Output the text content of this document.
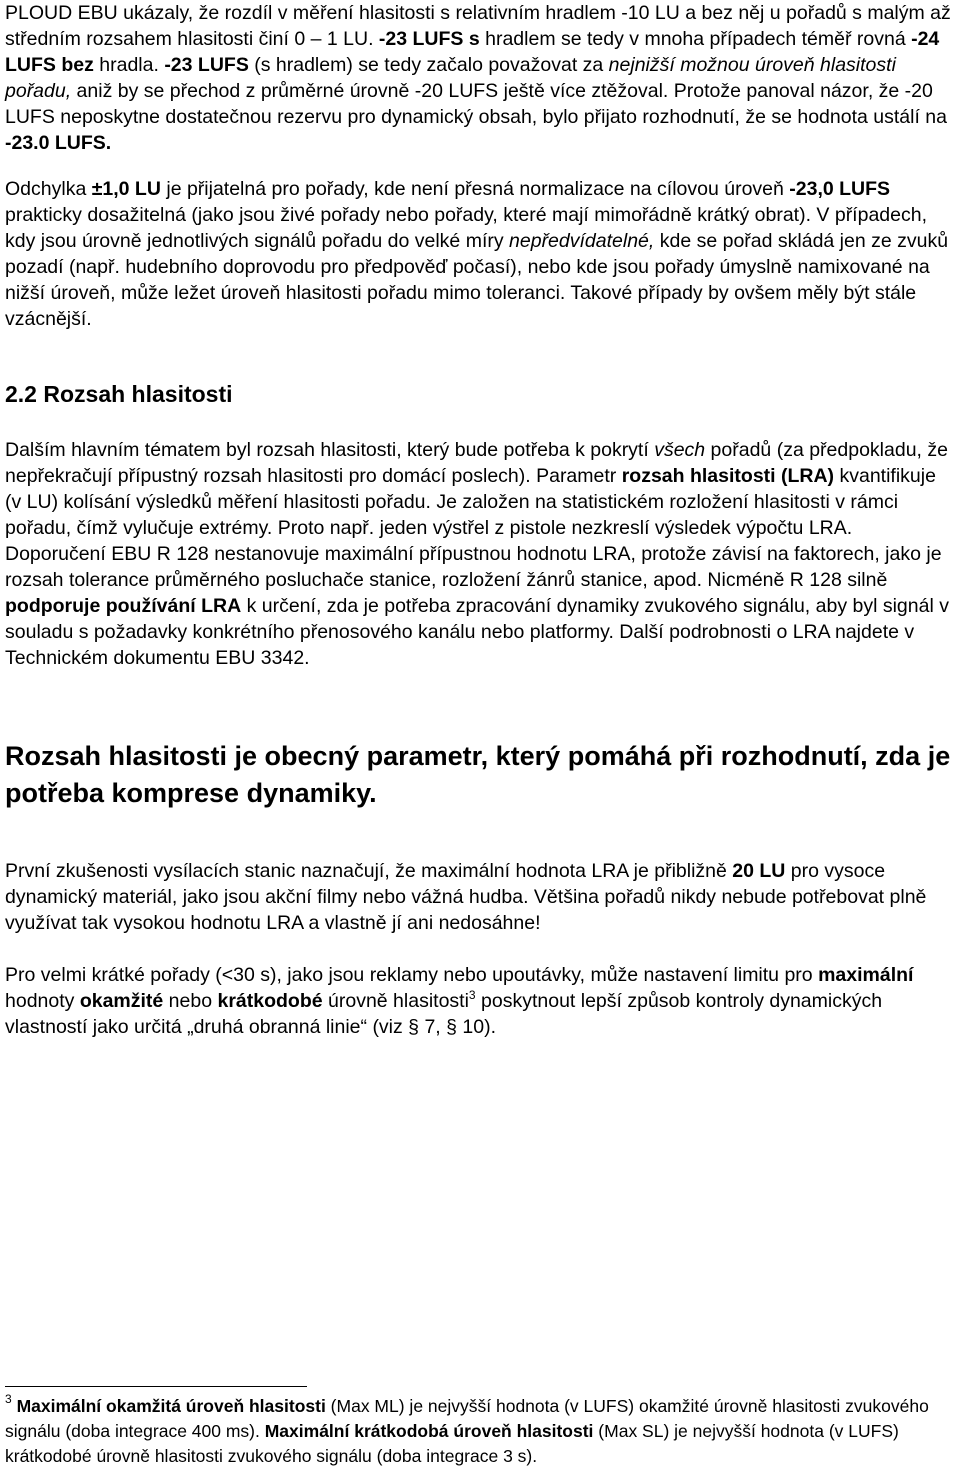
PLOUD EBU ukázaly, že rozdíl v měření hlasitosti s relativním hradlem -10 LU a bez něj u pořadů s malým až středním rozsahem hlasitosti činí 0 – 1 LU. -23 LUFS s hradlem se tedy v mnoha případech téměř rovná -24 LUFS bez hradla. -23 LUFS (s hradlem) se tedy začalo považovat za nejnižší možnou úroveň hlasitosti pořadu, aniž by se přechod z průměrné úrovně -20 LUFS ještě více ztěžoval. Protože panoval názor, že -20 LUFS neposkytne dostatečnou rezervu pro dynamický obsah, bylo přijato rozhodnutí, že se hodnota ustálí na -23.0 LUFS.

Odchylka ±1,0 LU je přijatelná pro pořady, kde není přesná normalizace na cílovou úroveň -23,0 LUFS prakticky dosažitelná (jako jsou živé pořady nebo pořady, které mají mimořádně krátký obrat). V případech, kdy jsou úrovně jednotlivých signálů pořadu do velké míry nepředvídatelné, kde se pořad skládá jen ze zvuků pozadí (např. hudebního doprovodu pro předpověď počasí), nebo kde jsou pořady úmyslně namixované na nižší úroveň, může ležet úroveň hlasitosti pořadu mimo toleranci. Takové případy by ovšem měly být stále vzácnější.

2.2 Rozsah hlasitosti

Dalším hlavním tématem byl rozsah hlasitosti, který bude potřeba k pokrytí všech pořadů (za předpokladu, že nepřekračují přípustný rozsah hlasitosti pro domácí poslech). Parametr rozsah hlasitosti (LRA) kvantifikuje (v LU) kolísání výsledků měření hlasitosti pořadu. Je založen na statistickém rozložení hlasitosti v rámci pořadu, čímž vylučuje extrémy. Proto např. jeden výstřel z pistole nezkreslí výsledek výpočtu LRA. Doporučení EBU R 128 nestanovuje maximální přípustnou hodnotu LRA, protože závisí na faktorech, jako je rozsah tolerance průměrného posluchače stanice, rozložení žánrů stanice, apod. Nicméně R 128 silně podporuje používání LRA k určení, zda je potřeba zpracování dynamiky zvukového signálu, aby byl signál v souladu s požadavky konkrétního přenosového kanálu nebo platformy. Další podrobnosti o LRA najdete v Technickém dokumentu EBU 3342.

Rozsah hlasitosti je obecný parametr, který pomáhá při rozhodnutí, zda je potřeba komprese dynamiky.

První zkušenosti vysílacích stanic naznačují, že maximální hodnota LRA je přibližně 20 LU pro vysoce dynamický materiál, jako jsou akční filmy nebo vážná hudba. Většina pořadů nikdy nebude potřebovat plně využívat tak vysokou hodnotu LRA a vlastně jí ani nedosáhne!

Pro velmi krátké pořady (<30 s), jako jsou reklamy nebo upoutávky, může nastavení limitu pro maximální hodnoty okamžité nebo krátkodobé úrovně hlasitosti$^3$ poskytnout lepší způsob kontroly dynamických vlastností jako určitá „druhá obranná linie“ (viz § 7, § 10).

$^3$ Maximální okamžitá úroveň hlasitosti (Max ML) je nejvyšší hodnota (v LUFS) okamžité úrovně hlasitosti zvukového signálu (doba integrace 400 ms). Maximální krátkodobá úroveň hlasitosti (Max SL) je nejvyšší hodnota (v LUFS) krátkodobé úrovně hlasitosti zvukového signálu (doba integrace 3 s).
